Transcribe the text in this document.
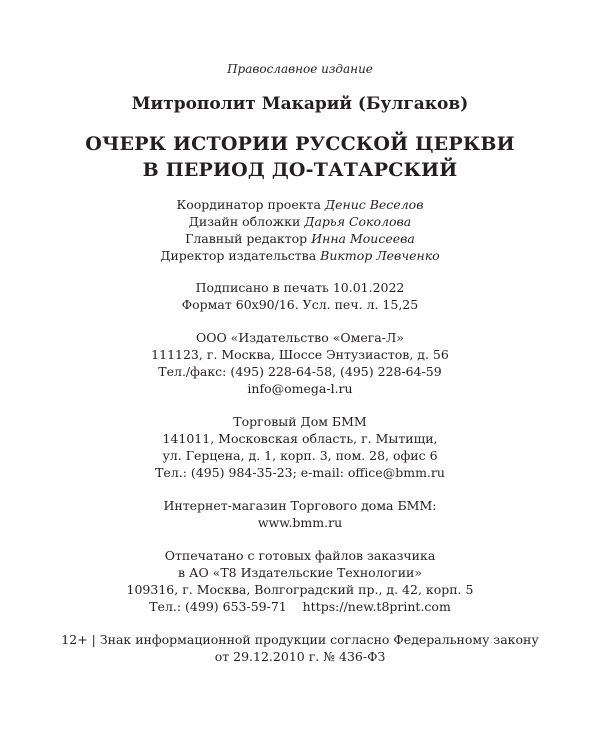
Православное издание
Митрополит Макарий (Булгаков)
ОЧЕРК ИСТОРИИ РУССКОЙ ЦЕРКВИ
В ПЕРИОД ДО-ТАТАРСКИЙ
Координатор проекта Денис Веселов
Дизайн обложки Дарья Соколова
Главный редактор Инна Моисеева
Директор издательства Виктор Левченко
Подписано в печать 10.01.2022
Формат 60x90/16. Усл. печ. л. 15,25
ООО «Издательство «Омега-Л»
111123, г. Москва, Шоссе Энтузиастов, д. 56
Тел./факс: (495) 228-64-58, (495) 228-64-59
info@omega-l.ru
Торговый Дом БММ
141011, Московская область, г. Мытищи,
ул. Герцена, д. 1, корп. 3, пом. 28, офис 6
Тел.: (495) 984-35-23; e-mail: office@bmm.ru
Интернет-магазин Торгового дома БММ:
www.bmm.ru
Отпечатано с готовых файлов заказчика
в АО «Т8 Издательские Технологии»
109316, г. Москва, Волгоградский пр., д. 42, корп. 5
Тел.: (499) 653-59-71    https://new.t8print.com
12+ | Знак информационной продукции согласно Федеральному закону
от 29.12.2010 г. № 436-ФЗ
